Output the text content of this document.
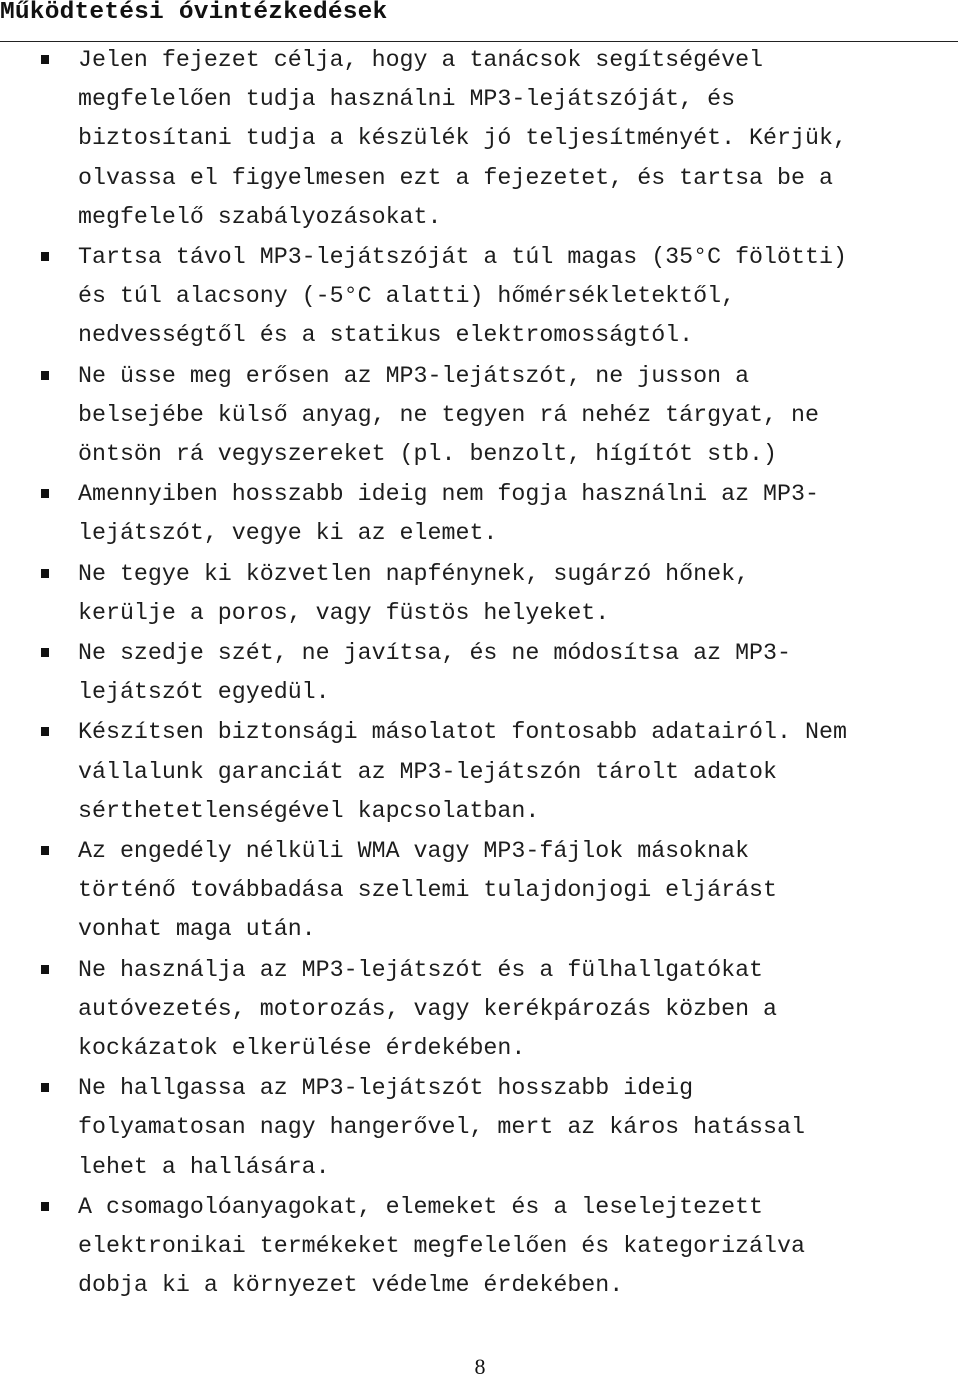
Működtetési óvintézkedések
Jelen fejezet célja, hogy a tanácsok segítségével
megfelelően tudja használni MP3-lejátszóját, és
biztosítani tudja a készülék jó teljesítményét. Kérjük,
olvassa el figyelmesen ezt a fejezetet, és tartsa be a
megfelelő szabályozásokat.
Tartsa távol MP3-lejátszóját a túl magas (35°C fölötti)
és túl alacsony (-5°C alatti) hőmérsékletektől,
nedvességtől és a statikus elektromosságtól.
Ne üsse meg erősen az MP3-lejátszót, ne jusson a
belsejébe külső anyag, ne tegyen rá nehéz tárgyat, ne
öntsön rá vegyszereket (pl. benzolt, hígítót stb.)
Amennyiben hosszabb ideig nem fogja használni az MP3-
lejátszót, vegye ki az elemet.
Ne tegye ki közvetlen napfénynek, sugárzó hőnek,
kerülje a poros, vagy füstös helyeket.
Ne szedje szét, ne javítsa, és ne módosítsa az MP3-
lejátszót egyedül.
Készítsen biztonsági másolatot fontosabb adatairól. Nem
vállalunk garanciát az MP3-lejátszón tárolt adatok
sérthetetlenségével kapcsolatban.
Az engedély nélküli WMA vagy MP3-fájlok másoknak
történő továbbadása szellemi tulajdonjogi eljárást
vonhat maga után.
Ne használja az MP3-lejátszót és a fülhallgatókat
autóvezetés, motorozás, vagy kerékpározás közben a
kockázatok elkerülése érdekében.
Ne hallgassa az MP3-lejátszót hosszabb ideig
folyamatosan nagy hangerővel, mert az káros hatással
lehet a hallására.
A csomagolóanyagokat, elemeket és a leselejtezett
elektronikai termékeket megfelelően és kategorizálva
dobja ki a környezet védelme érdekében.
8
